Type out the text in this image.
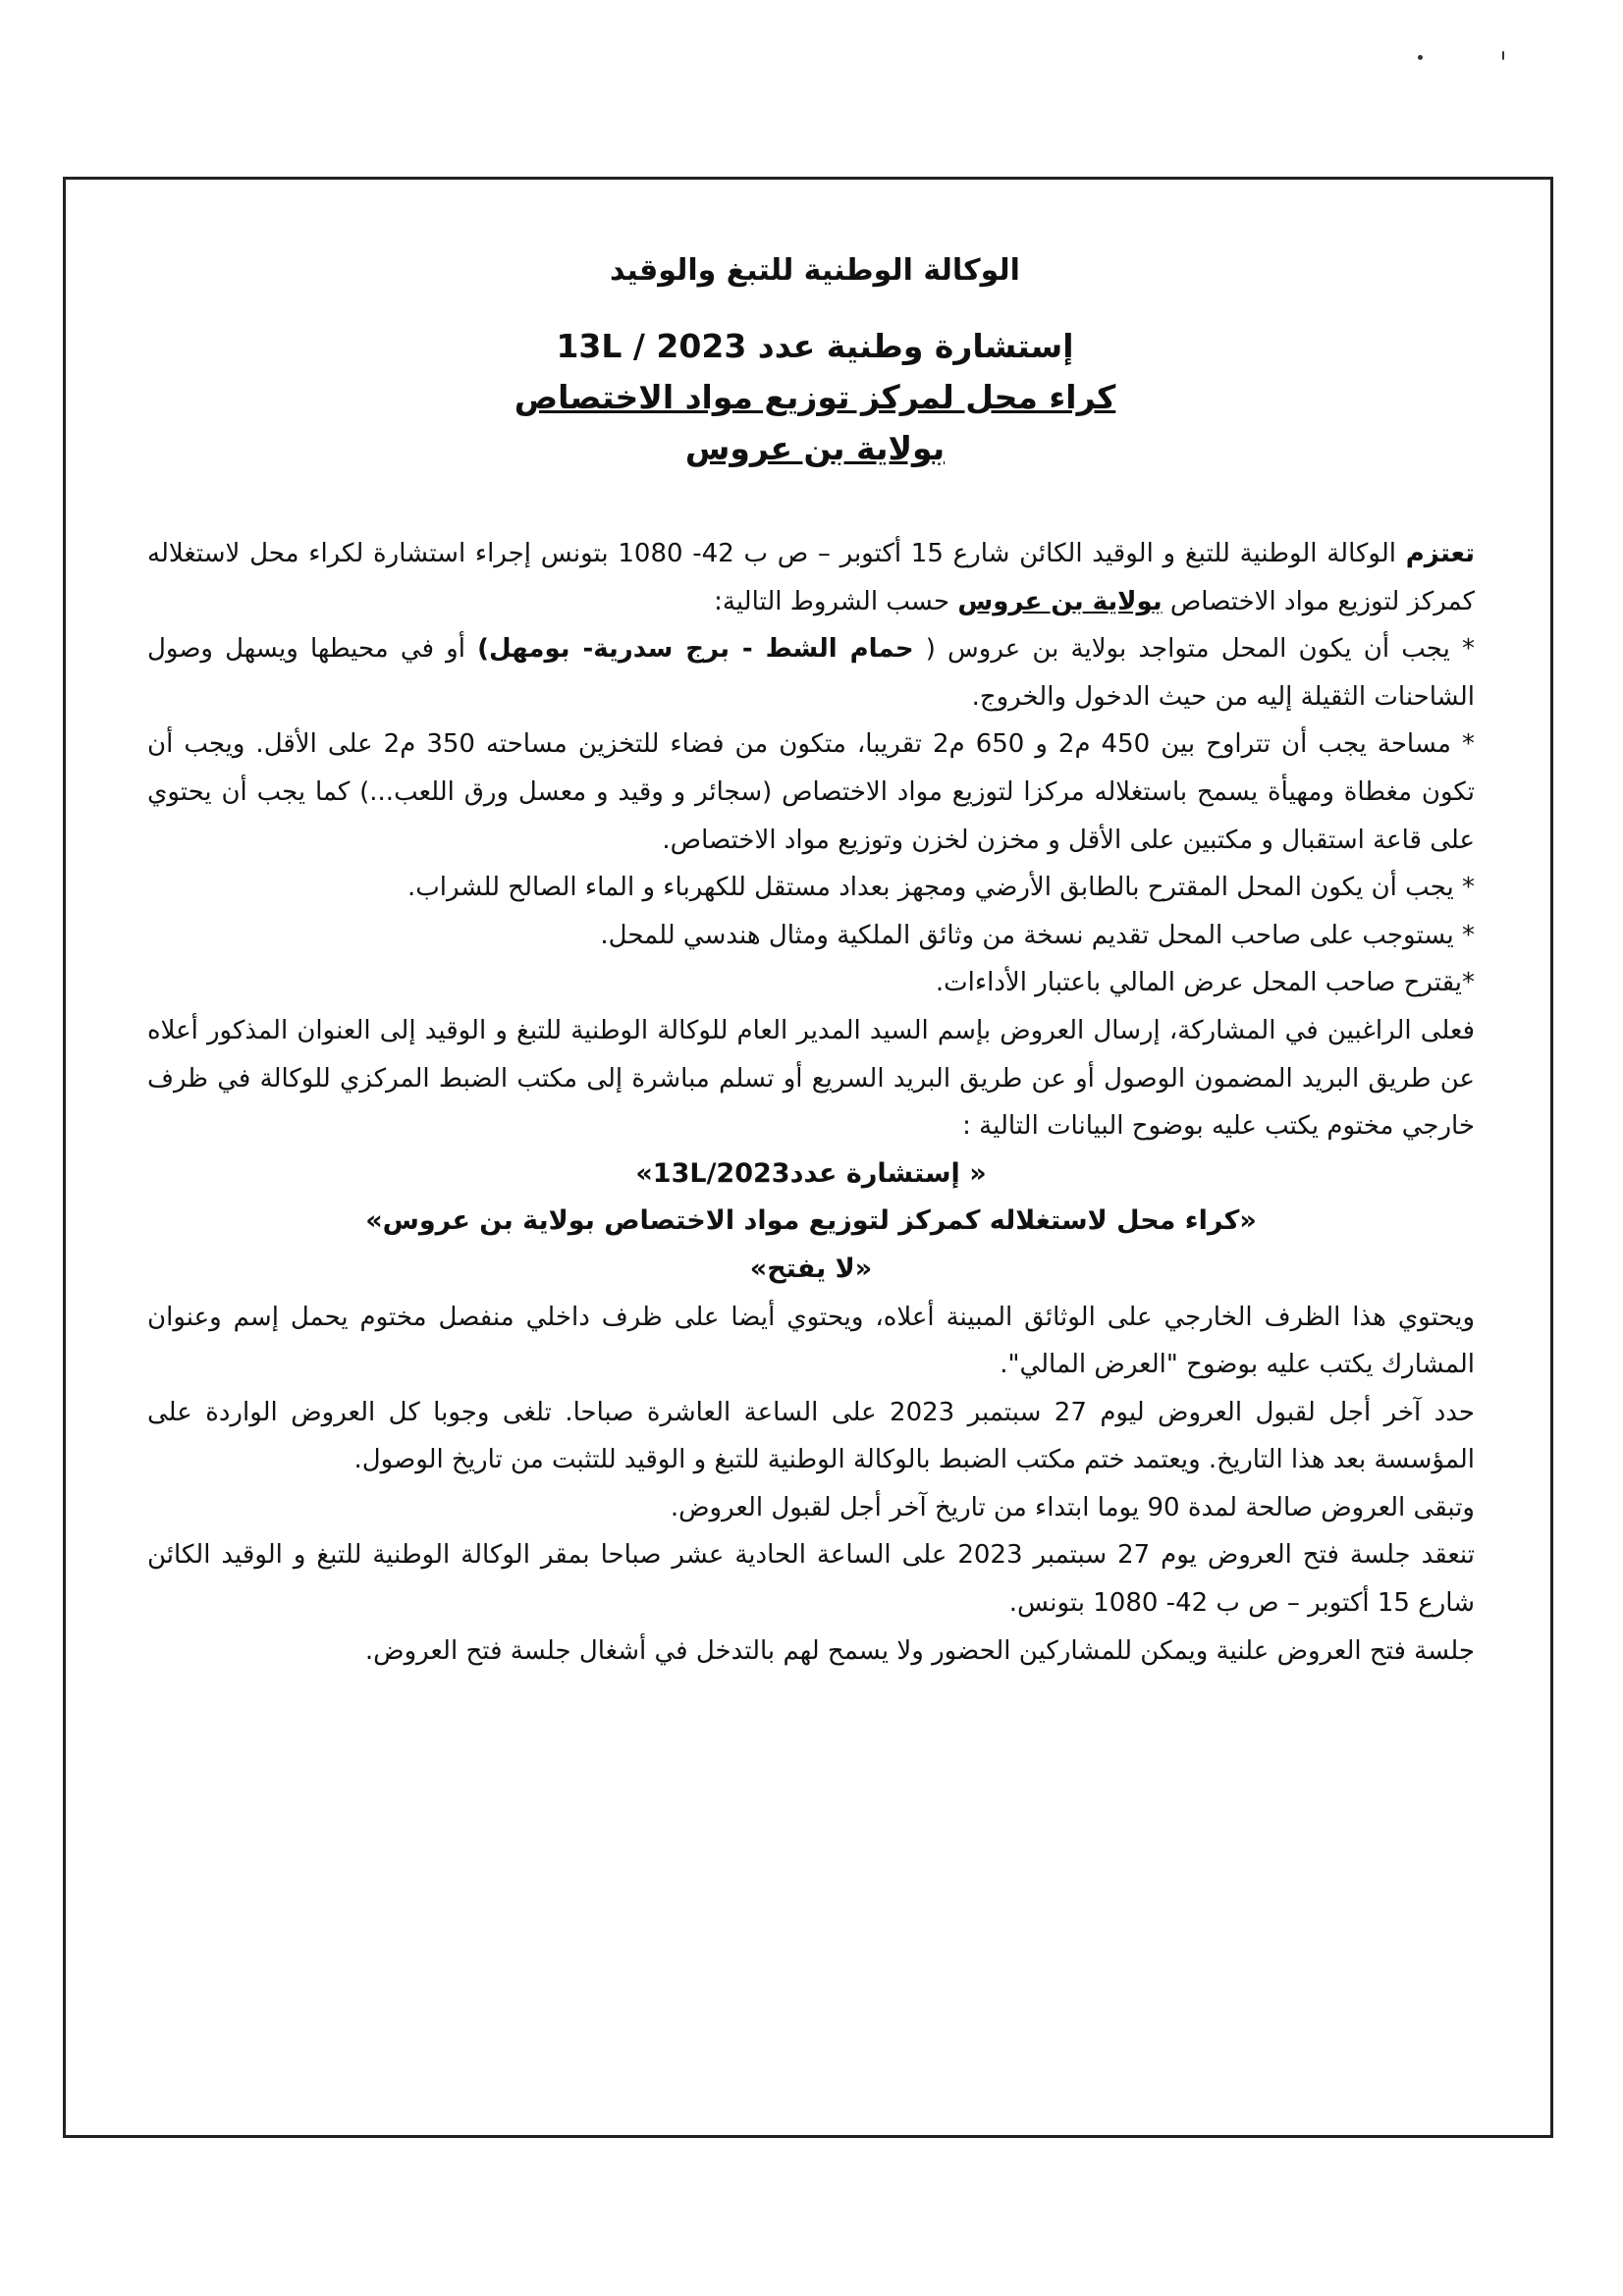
الوكالة الوطنية للتبغ والوقيد
إستشارة وطنية عدد 13L / 2023
كراء محل لمركز توزيع مواد الاختصاص
بولاية بن عروس

تعتزم الوكالة الوطنية للتبغ و الوقيد الكائن شارع 15 أكتوبر – ص ب 42- 1080 بتونس إجراء استشارة لكراء محل لاستغلاله كمركز لتوزيع مواد الاختصاص بولاية بن عروس حسب الشروط التالية:

* يجب أن يكون المحل متواجد بولاية بن عروس ( حمام الشط - برج سدرية- بومهل) أو في محيطها ويسهل وصول الشاحنات الثقيلة إليه من حيث الدخول والخروج.

* مساحة يجب أن تتراوح بين 450 م2 و 650 م2 تقريبا، متكون من فضاء للتخزين مساحته 350 م2 على الأقل. ويجب أن تكون مغطاة ومهيأة يسمح باستغلاله مركزا لتوزيع مواد الاختصاص (سجائر و وقيد و معسل ورق اللعب...) كما يجب أن يحتوي على قاعة استقبال و مكتبين على الأقل و مخزن لخزن وتوزيع مواد الاختصاص.

* يجب أن يكون المحل المقترح بالطابق الأرضي ومجهز بعداد مستقل للكهرباء و الماء الصالح للشراب.

* يستوجب على صاحب المحل تقديم نسخة من وثائق الملكية ومثال هندسي للمحل.

*يقترح صاحب المحل عرض المالي باعتبار الأداءات.

فعلى الراغبين في المشاركة، إرسال العروض بإسم السيد المدير العام للوكالة الوطنية للتبغ و الوقيد إلى العنوان المذكور أعلاه عن طريق البريد المضمون الوصول أو عن طريق البريد السريع أو تسلم مباشرة إلى مكتب الضبط المركزي للوكالة في ظرف خارجي مختوم يكتب عليه بوضوح البيانات التالية :

« إستشارة عدد13L/2023»

«كراء محل لاستغلاله كمركز لتوزيع مواد الاختصاص بولاية بن عروس»

«لا يفتح»

ويحتوي هذا الظرف الخارجي على الوثائق المبينة أعلاه، ويحتوي أيضا على ظرف داخلي منفصل مختوم يحمل إسم وعنوان المشارك يكتب عليه بوضوح "العرض المالي".

حدد آخر أجل لقبول العروض ليوم 27 سبتمبر 2023 على الساعة العاشرة صباحا. تلغى وجوبا كل العروض الواردة على المؤسسة بعد هذا التاريخ. ويعتمد ختم مكتب الضبط بالوكالة الوطنية للتبغ و الوقيد للتثبت من تاريخ الوصول.

وتبقى العروض صالحة لمدة 90 يوما ابتداء من تاريخ آخر أجل لقبول العروض.

تنعقد جلسة فتح العروض يوم 27 سبتمبر 2023 على الساعة الحادية عشر صباحا بمقر الوكالة الوطنية للتبغ و الوقيد الكائن شارع 15 أكتوبر – ص ب 42- 1080 بتونس.

جلسة فتح العروض علنية ويمكن للمشاركين الحضور ولا يسمح لهم بالتدخل في أشغال جلسة فتح العروض.
